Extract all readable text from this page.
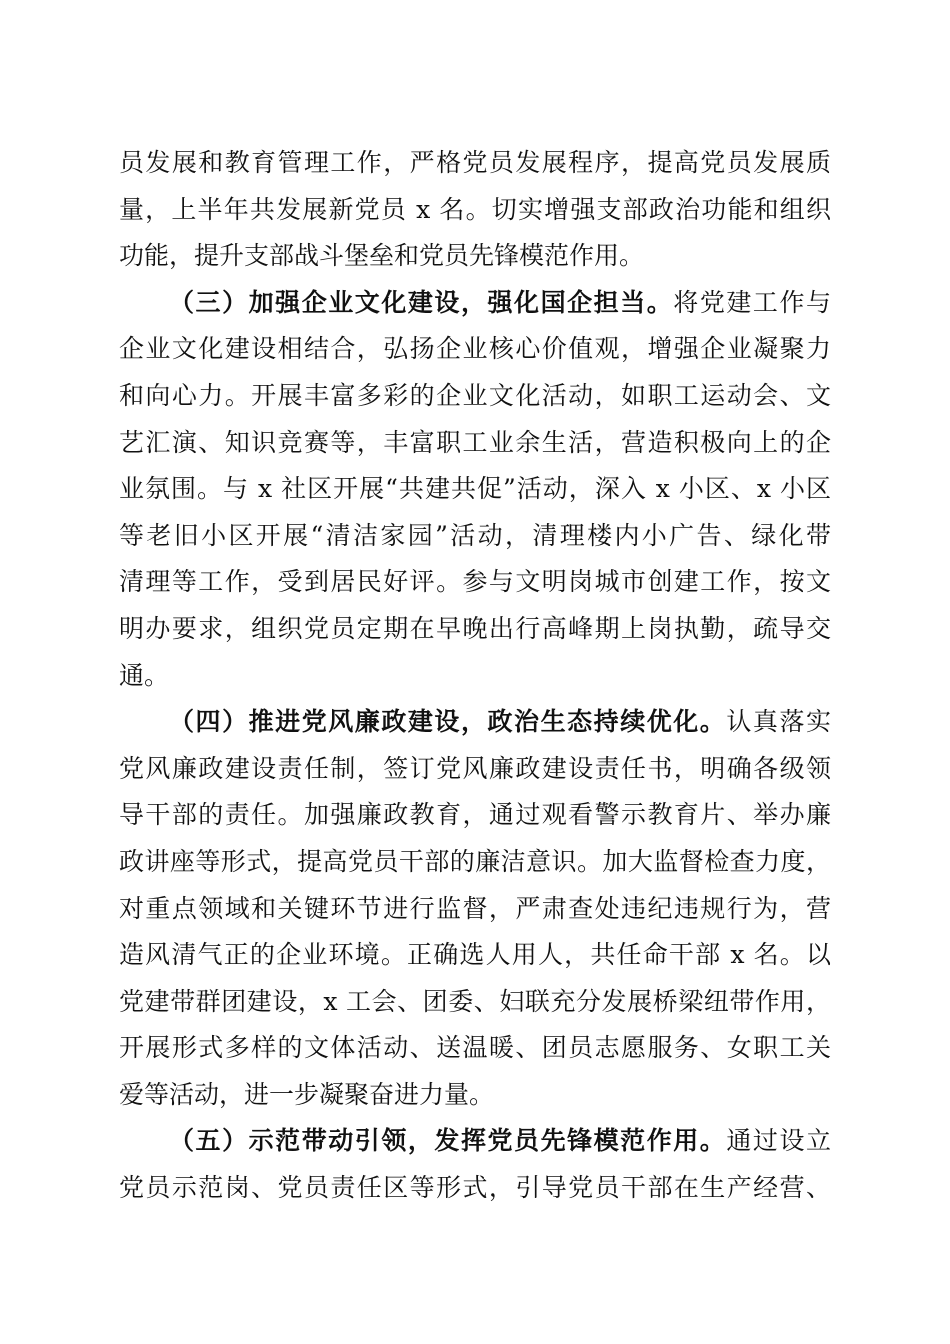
员发展和教育管理工作，严格党员发展程序，提高党员发展质
量，上半年共发展新党员 x 名。切实增强支部政治功能和组织
功能，提升支部战斗堡垒和党员先锋模范作用。
（三）加强企业文化建设，强化国企担当。将党建工作与
企业文化建设相结合，弘扬企业核心价值观，增强企业凝聚力
和向心力。开展丰富多彩的企业文化活动，如职工运动会、文
艺汇演、知识竞赛等，丰富职工业余生活，营造积极向上的企
业氛围。与 x 社区开展“共建共促”活动，深入 x 小区、x 小区
等老旧小区开展“清洁家园”活动，清理楼内小广告、绿化带
清理等工作，受到居民好评。参与文明岗城市创建工作，按文
明办要求，组织党员定期在早晚出行高峰期上岗执勤，疏导交
通。
（四）推进党风廉政建设，政治生态持续优化。认真落实
党风廉政建设责任制，签订党风廉政建设责任书，明确各级领
导干部的责任。加强廉政教育，通过观看警示教育片、举办廉
政讲座等形式，提高党员干部的廉洁意识。加大监督检查力度，
对重点领域和关键环节进行监督，严肃查处违纪违规行为，营
造风清气正的企业环境。正确选人用人，共任命干部 x 名。以
党建带群团建设，x 工会、团委、妇联充分发展桥梁纽带作用，
开展形式多样的文体活动、送温暖、团员志愿服务、女职工关
爱等活动，进一步凝聚奋进力量。
（五）示范带动引领，发挥党员先锋模范作用。通过设立
党员示范岗、党员责任区等形式，引导党员干部在生产经营、
